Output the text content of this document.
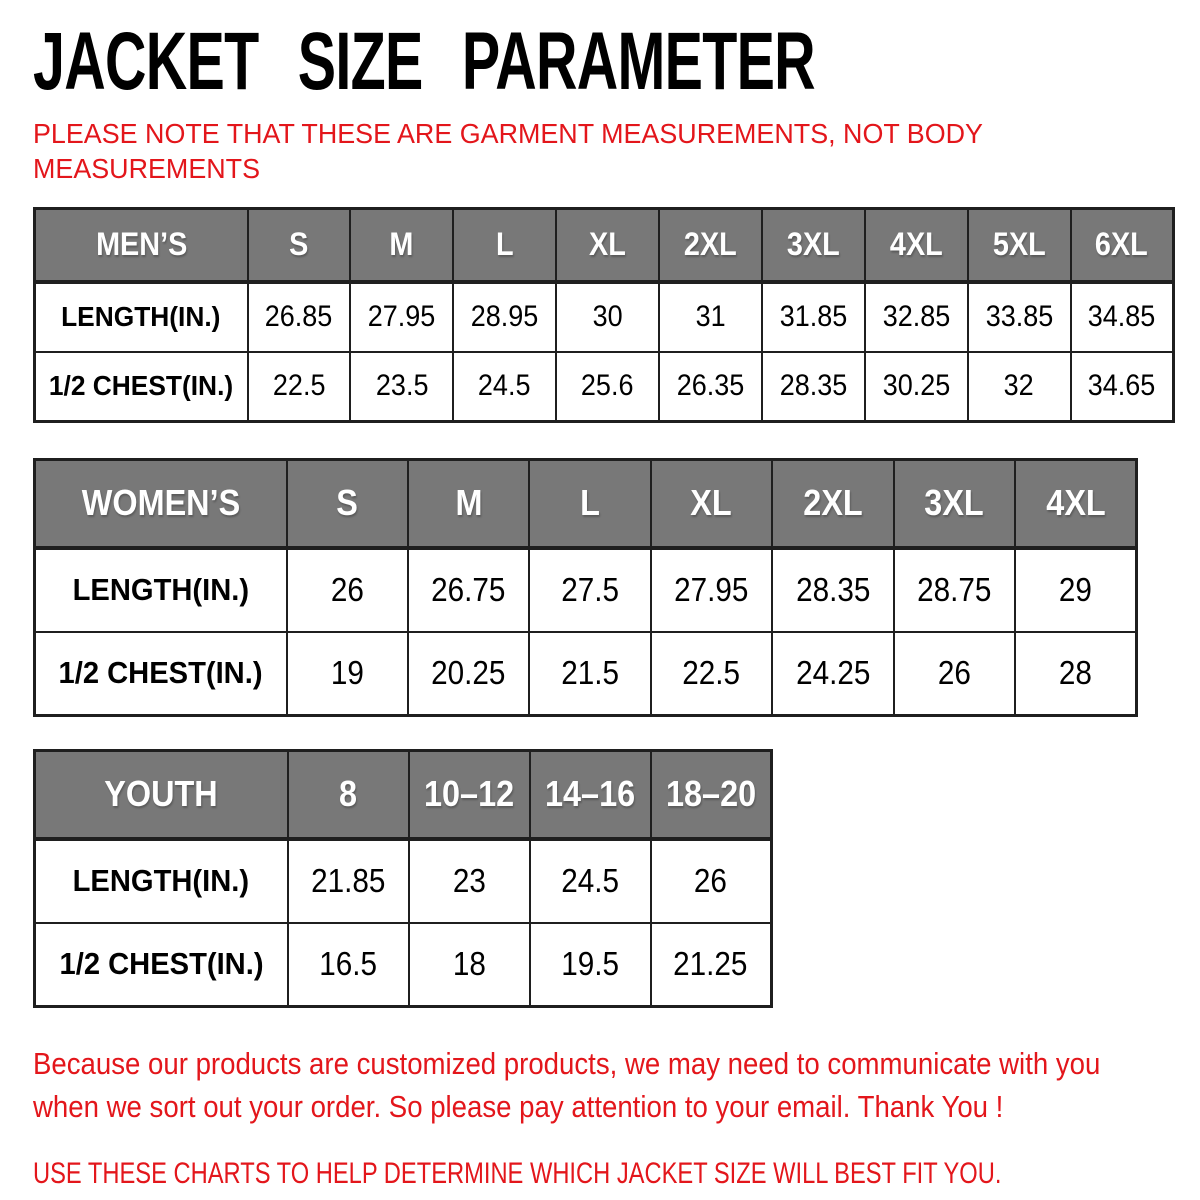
JACKET SIZE PARAMETER

PLEASE NOTE THAT THESE ARE GARMENT MEASUREMENTS, NOT BODY
MEASUREMENTS

MEN’S	S	M	L	XL	2XL	3XL	4XL	5XL	6XL
LENGTH(IN.)	26.85	27.95	28.95	30	31	31.85	32.85	33.85	34.85
1/2 CHEST(IN.)	22.5	23.5	24.5	25.6	26.35	28.35	30.25	32	34.65
WOMEN’S	S	M	L	XL	2XL	3XL	4XL
LENGTH(IN.)	26	26.75	27.5	27.95	28.35	28.75	29
1/2 CHEST(IN.)	19	20.25	21.5	22.5	24.25	26	28
YOUTH	8	10–12	14–16	18–20
LENGTH(IN.)	21.85	23	24.5	26
1/2 CHEST(IN.)	16.5	18	19.5	21.25

Because our products are customized products, we may need to communicate with you

when we sort out your order. So please pay attention to your email. Thank You !

USE THESE CHARTS TO HELP DETERMINE WHICH JACKET SIZE WILL BEST FIT YOU.
